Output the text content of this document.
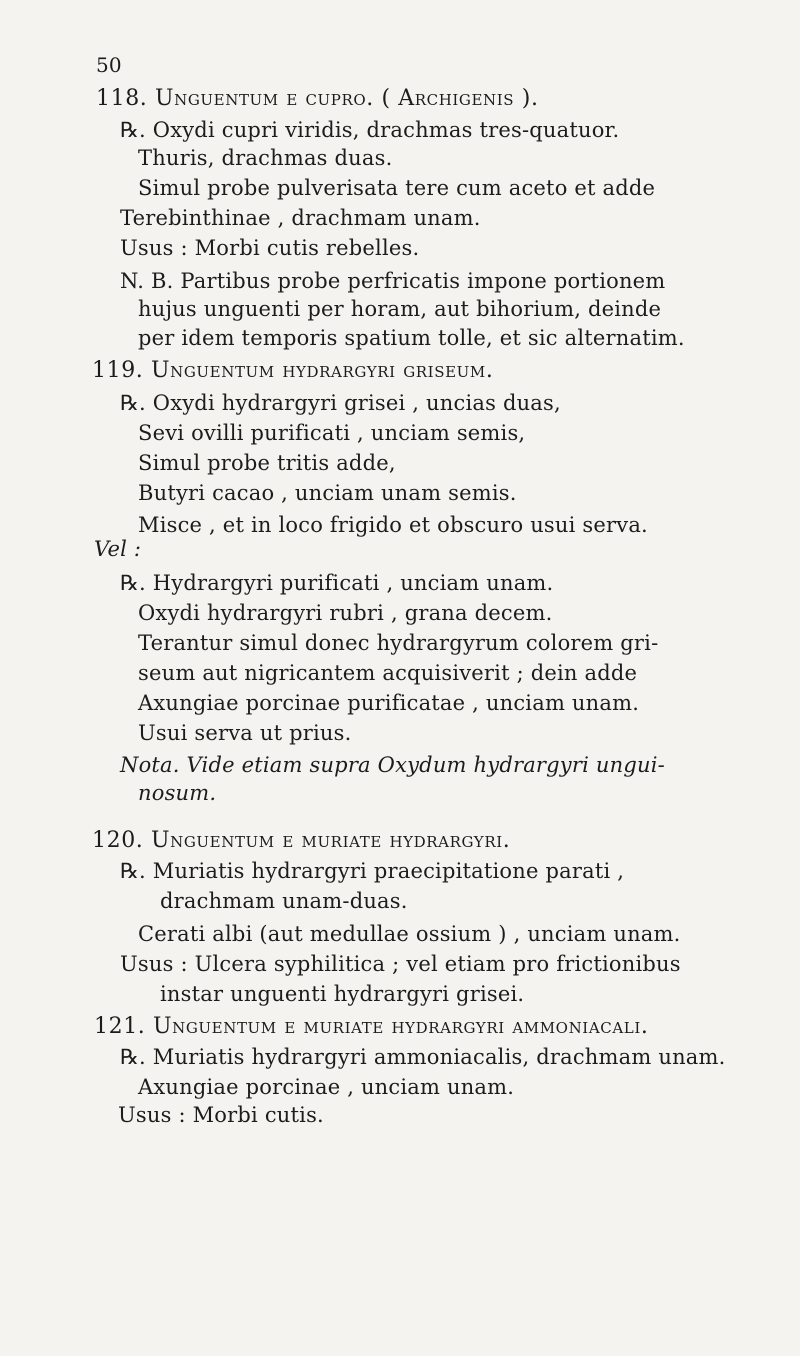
50
118. Unguentum e cupro. ( Archigenis ).
℞. Oxydi cupri viridis, drachmas tres-quatuor.
Thuris, drachmas duas.
Simul probe pulverisata tere cum aceto et adde
Terebinthinae , drachmam unam.
Usus : Morbi cutis rebelles.
N. B. Partibus probe perfricatis impone portionem
hujus unguenti per horam, aut bihorium, deinde
per idem temporis spatium tolle, et sic alternatim.
119. Unguentum hydrargyri griseum.
℞. Oxydi hydrargyri grisei , uncias duas,
Sevi ovilli purificati , unciam semis,
Simul probe tritis adde,
Butyri cacao , unciam unam semis.
Misce , et in loco frigido et obscuro usui serva.
Vel :
℞. Hydrargyri purificati , unciam unam.
Oxydi hydrargyri rubri , grana decem.
Terantur simul donec hydrargyrum colorem gri-
seum aut nigricantem acquisiverit ; dein adde
Axungiae porcinae purificatae , unciam unam.
Usui serva ut prius.
Nota. Vide etiam supra Oxydum hydrargyri ungui-
nosum.
120. Unguentum e muriate hydrargyri.
℞. Muriatis hydrargyri praecipitatione parati ,
drachmam unam-duas.
Cerati albi (aut medullae ossium ) , unciam unam.
Usus : Ulcera syphilitica ; vel etiam pro frictionibus
instar unguenti hydrargyri grisei.
121. Unguentum e muriate hydrargyri ammoniacali.
℞. Muriatis hydrargyri ammoniacalis, drachmam unam.
Axungiae porcinae , unciam unam.
Usus : Morbi cutis.
